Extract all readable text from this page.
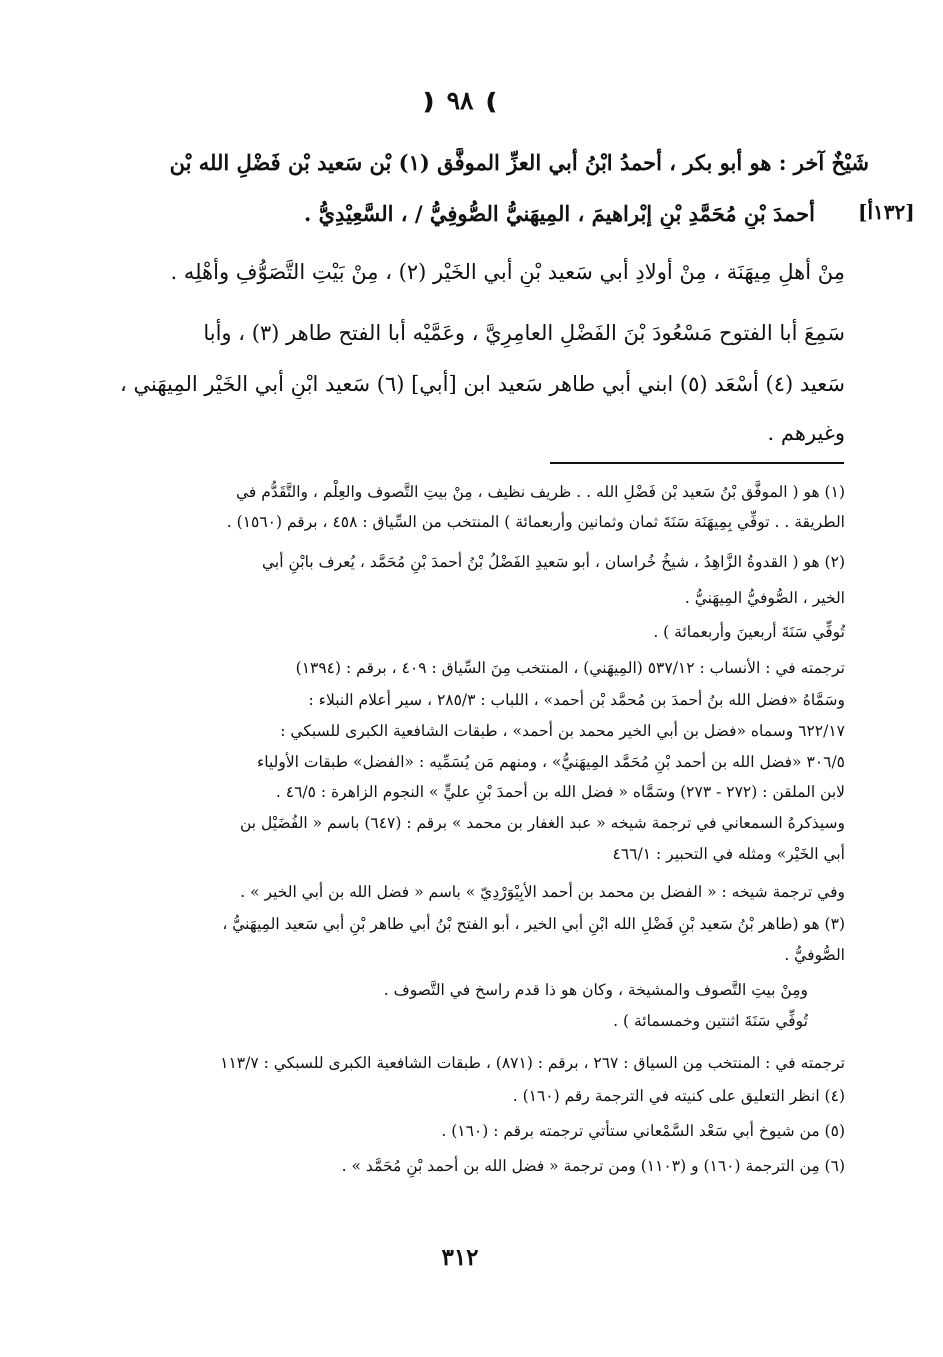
❫ ٩٨ ❪
[١٣٢أ]
شَيْخٌ آخر : هو أبو بكر ، أحمدُ ابْنُ أبي العزِّ الموفَّق (١) بْن سَعيد بْن فَضْلِ الله بْن
أحمدَ بْنِ مُحَمَّدِ بْنِ إبْراهيمَ ، المِيهَنيُّ الصُّوفِيُّ / ، السَّعِيْدِيُّ .
مِنْ أهلِ مِيهَنَة ، مِنْ أولادِ أبي سَعيد بْنِ أبي الخَيْر (٢) ، مِنْ بَيْتِ التَّصَوُّفِ وأهْلِه .
سَمِعَ أبا الفتوح مَسْعُودَ بْنَ الفَضْلِ العامِرِيَّ ، وعَمَّيْه أبا الفتح طاهر (٣) ، وأبا
سَعيد (٤) أسْعَد (٥) ابني أبي طاهر سَعيد ابن [أبي] (٦) سَعيد ابْنِ أبي الخَيْر المِيهَني ،
وغيرهم .
(١) هو ( الموفَّق بْنُ سَعيد بْن فَضْلِ الله . . ظريف نظيف ، مِنْ بيتِ التَّصوف والعِلْم ، والتَّقَدُّم في
الطريقة . . توفِّي بِمِيهَنَة سَنَةَ ثمان وثمانين وأربعمائة ) المنتخب من السِّياق : ٤٥٨ ، برقم (١٥٦٠) .
(٢) هو ( القدوةُ الزَّاهِدُ ، شيخُ خُراسان ، أبو سَعيدِ الفَضْلُ بْنُ أحمدَ بْنِ مُحَمَّد ، يُعرف بابْنِ أبي
الخير ، الصُّوفيُّ المِيهَنيُّ .
تُوفِّي سَنَةَ أربعينَ وأربعمائة ) .
ترجمته في : الأنساب : ٥٣٧/١٢ (المِيهَني) ، المنتخب مِنَ السِّياق : ٤٠٩ ، برقم : (١٣٩٤)
وسَمَّاهُ «فضل الله بنُ أحمدَ بن مُحمَّد بْن أحمد» ، اللباب : ٢٨٥/٣ ، سير أعلام النبلاء :
٦٢٢/١٧ وسماه «فضل بن أبي الخير محمد بن أحمد» ، طبقات الشافعية الكبرى للسبكي :
٣٠٦/٥ «فضل الله بن أحمد بْنِ مُحَمَّد المِيهَنيُّ» ، ومنهم مَن يُسَمِّيه : «الفضل» طبقات الأولياء
لابن الملقن : (٢٧٢ - ٢٧٣) وسَمَّاه « فضل الله بن أحمدَ بْنِ عليٍّ » النجوم الزاهرة : ٤٦/٥ .
وسيذكرهُ السمعاني في ترجمة شيخه « عبد الغفار بن محمد » برقم : (٦٤٧) باسم « الفُضَيْل بن
أبي الخَيْر» ومثله في التحبير : ٤٦٦/١
وفي ترجمة شيخه : « الفضل بن محمد بن أحمد الأبِيْوَرْدِيّ » باسم « فضل الله بن أبي الخير » .
(٣) هو (طاهر بْنُ سَعيد بْنِ فَضْلِ الله ابْنِ أبي الخير ، أبو الفتح بْنُ أبي طاهر بْنِ أبي سَعيد المِيهَنيُّ ،
الصُّوفيُّ .
ومِنْ بيتِ التَّصوف والمشيخة ، وكان هو ذا قدم راسخ في التَّصوف .
تُوفِّي سَنَةَ اثنتين وخمسمائة ) .
ترجمته في : المنتخب مِن السياق : ٢٦٧ ، برقم : (٨٧١) ، طبقات الشافعية الكبرى للسبكي : ١١٣/٧
(٤) انظر التعليق على كنيته في الترجمة رقم (١٦٠) .
(٥) من شيوخ أبي سَعْد السَّمْعاني ستأتي ترجمته برقم : (١٦٠) .
(٦) مِن الترجمة (١٦٠) و (١١٠٣) ومن ترجمة « فضل الله بن أحمد بْنِ مُحَمَّد » .
٣١٢
